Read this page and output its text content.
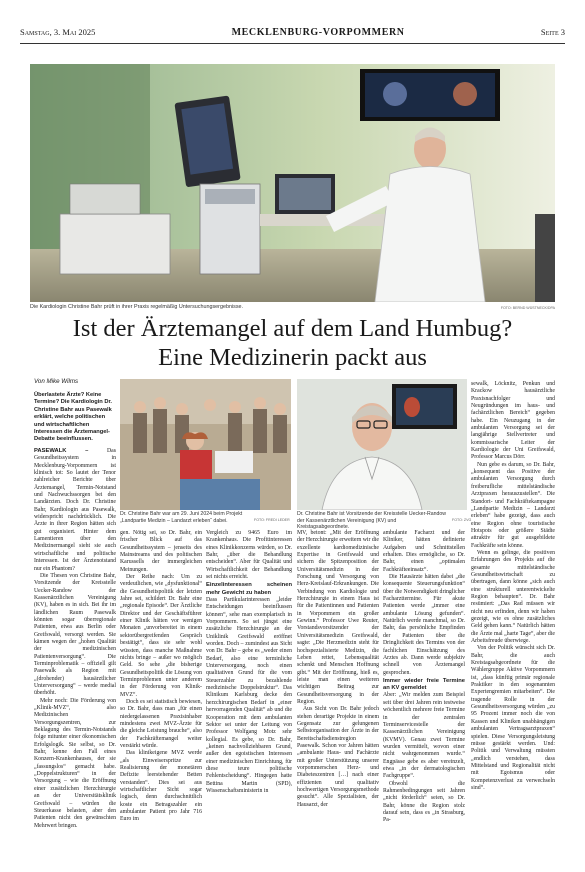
Samstag, 3. Mai 2025	MECKLENBURG-VORPOMMERN	Seite 3
Die Kardiologin Christine Bahr prüft in ihrer Praxis regelmäßig Untersuchungsergebnisse.	FOTO: BERND WÜSTNECK/DPA
Ist der Ärztemangel auf dem Land Humbug?
Eine Medizinerin packt aus
Von Mike Wilms
Überlastete Ärzte? Keine Termine? Die Kardiologin Dr. Christine Bahr aus Pasewalk erklärt, welche politischen und wirtschaftlichen Interessen die Ärztemangel-Debatte beeinflussen.
Dr. Christine Bahr war am 29. Juni 2024 beim Projekt „Landpartie Medizin – Landarzt erleben“ dabei.	FOTO: FREDI LEDER
Dr. Christine Bahr ist Vorsitzende der Kreisstelle Uecker-Randow der Kassenärztlichen Vereinigung (KV) und Kreistagsabgeordnete.
FOTO: ZVG

PASEWALK –	Das Gesundheitssystem in Mecklenburg-Vorpommern ist klinisch tot: So lautet der Tenor zahlreicher Berichte über Ärztemangel, Termin-Notstand und Nachwuchssorgen bei den Landärzten. Doch Dr. Christine Bahr, Kardiologin aus Pasewalk, widerspricht nachdrücklich. Die Ärzte in ihrer Region hätten sich gut organisiert. Hinter dem Lamentieren über den Medizinermangel sieht sie auch wirtschaftliche und politische Interessen. Ist der Ärztenotstand nur ein Phantom?

Die Thesen von Christine Bahr, Vorsitzende der Kreisstelle Uecker-Randow der Kassenärztlichen Vereinigung (KV), haben es in sich. Bei ihr im ländlichen Raum Pasewalk könnten sogar überregionale Patienten, etwa aus Berlin oder Greifswald, versorgt werden. Sie kämen wegen der „hohen Qualität der medizinischen Patientenversorgung“. Die Terminproblematik – offiziell gilt Pasewalk als Region mit „(drohender) hausärztlicher Unterversorgung“ – werde medial überhöht.

Mehr noch: Die Förderung von „Klinik-MVZ“, also Medizinischen Versorgungszentren, zur Beklagung des Termin-Notstands folge mitunter einer ökonomischen Erfolgslogik. Sie selbst, so Dr. Bahr, kenne den Fall eines Konzern-Krankenhauses, der sie „fassungslos“ gemacht habe. „Doppelstrukturen“ in der Versorgung – wie die Eröffnung einer zusätzlichen Herzchirurgie an der Universitätsklinik Greifswald – würden die Steuerkasse belasten, aber den Patienten nicht den gewünschten Mehrwert bringen.

gen. Nötig sei, so Dr. Bahr, ein frischer Blick auf das Gesundheitssystem – jenseits des Mainstreams und des politischen Karussells der immergleichen Meinungen.

Der Reihe nach: Um zu verdeutlichen, wie „dysfunktional“ die Gesundheitspolitik der letzten Jahre sei, schildert Dr. Bahr eine „regionale Episode“. Der Ärztliche Direktor und der Geschäftsführer einer Klinik hätten vor wenigen Monaten „unvorbereitet in einem sektorübergreifenden Gespräch bestätigt“, dass sie sehr wohl wüssten, dass manche Maßnahme nichts bringe – außer wo möglich Geld. So sehe „die bisherige Gesundheitspolitik die Lösung von Terminproblemen unter anderem in der Förderung von Klinik-MVZ“.

Doch es sei statistisch bewiesen, so Dr. Bahr, dass man „für einen niedergelassenen Praxisinhaber mindestens zwei MVZ-Ärzte für die gleiche Leistung brauche“, also der Fachkräftemangel weiter verstärkt würde.

Das klinikeigene MVZ werde „als Einweiserspritze zur Realisierung der monetären Defizite leerstehender Betten verstanden“. Dies sei aus wirtschaftlicher Sicht sogar logisch, denn durchschnittlich koste ein Betragszahler ein ambulanter Patient pro Jahr 716 Euro im

Vergleich zu 9465 Euro im Krankenhaus. Die Profitinteressen eines Klinikkonzerns würden, so Dr. Bahr, „über die Behandlung entscheiden“. Aber für Qualität und Wirtschaftlichkeit der Behandlung sei nichts erreicht.

Einzelinteressen scheinen mehr Gewicht zu haben

Dass Partikularinteressen „leider Entscheidungen beeinflussen können“, sehe man exemplarisch in Vorpommern. So sei jüngst eine zusätzliche Herzchirurgie an der Uniklinik Greifswald eröffnet worden. Doch – zumindest aus Sicht von Dr. Bahr – gebe es „weder einen Bedarf, also eine terminliche Unterversorgung, noch einen qualitativen Grund für die vom Steuerzahler zu bezahlende medizinische Doppelstruktur“. Das Klinikum Karlsburg decke den herzchirurgischen Bedarf in „einer hervorragenden Qualität“ ab und die Kooperation mit dem ambulanten Sektor sei unter der Leitung von Professor Wolfgang Motz sehr kollegial. Es gebe, so Dr. Bahr, „keinen nachvollziehbaren Grund, außer den egoistischen Interessen einer medizinischen Einrichtung, für diese teure politische Fehlentscheidung“. Hingegen hatte Bettina Martin (SPD), Wissenschaftsministerin in

MV, betont: „Mit der Eröffnung der Herzchirurgie erweitern wir die exzellente kardiomedizinische Expertise in Greifswald und sichern die Spitzenposition der Universitätsmedizin in der Forschung und Versorgung von Herz-Kreislauf-Erkrankungen. Die Verbindung von Kardiologie und Herzchirurgie in einem Haus ist für die Patientinnen und Patienten in Vorpommern ein großer Gewinn.“ Professor Uwe Reuter, Vorstandsvorsitzender der Universitätsmedizin Greifswald, sagte: „Die Herzmedizin steht für hochspezialisierte Medizin, die Leben rettet, Lebensqualität schenkt und Menschen Hoffnung gibt.“ Mit der Eröffnung, hieß es, leiste man einen weiteren wichtigen Beitrag zur Gesundheitsversorgung in der Region.

Aus Sicht von Dr. Bahr jedoch stehen derartige Projekte in einem Gegensatz zur gelungenen Selbstorganisation der Ärzte in der Bereitschaftsdienstregion Pasewalk. Schon vor Jahren hätten „ambulante Haus- und Fachärzte mit großer Unterstützung unserer vorpommerschen Herz- und Diabeteszentren […] nach einer effizienten und qualitativ hochwertigen Versorgungsmethode gesucht“. Alle Spezialisten, der Hausarzt, der

ambulante Facharzt und der Kliniker, hätten definierte Aufgaben und Schnittstellen erhalten. Dies ermögliche, so Dr. Bahr, einen „optimalen Fachkräfteeinsatz“.

Die Hausärzte hätten dabei „die konsequente Steuerungsfunktion“ über die Notwendigkeit dringlicher Facharzttermine. Für akute Patienten werde „immer eine ambulante Lösung gefunden“. Natürlich werde manchmal, so Dr. Bahr, das persönliche Empfinden der Patienten über die Dringlichkeit des Termins von der fachlichen Einschätzung des Arztes ab. Dann werde subjektiv schnell von Ärztemangel gesprochen.

Immer wieder freie Termine an KV gemeldet

Aber: „Wir melden zum Beispiel seit über drei Jahren rein testweise wöchentlich mehrere freie Termine in der zentralen Terminservicestelle der Kassenärztlichen Vereinigung (KVMV). Genau zwei Termine wurden vermittelt, wovon einer nicht wahrgenommen wurde.“ Engpässe gebe es aber vereinzelt, etwa „in der dermatologischen Fachgruppe“.

Obwohl die Rahmenbedingungen seit Jahren „nicht förderlich“ seien, so Dr. Bahr, könne die Region stolz darauf sein, dass es „in Strasburg, Pa-

sewalk, Löcknitz, Penkun und Krackow hausärztliche Praxisnachfolger und Neugründungen im haus- und fachärztlichen Bereich“ gegeben habe. Ein Neuzugang in der ambulanten Versorgung sei der langjährige Stellvertreter und kommissarische Leiter der Kardiologie der Uni Greifswald, Professor Marcus Dörr.

Nun gebe es darum, so Dr. Bahr, „konsequent das Positive der ambulanten Versorgung durch freiberufliche mittelständische Arztpraxen herauszustellen“. Die Standort- und Fachkräftekampagne „Landpartie Medizin – Landarzt erleben“ habe gezeigt, dass auch eine Region ohne touristische Hotspots oder größere Städte attraktiv für gut ausgebildete Fachkräfte sein könne.

Wenn es gelinge, die positiven Erfahrungen des Projekts auf die gesamte mittelständische Gesundheitswirtschaft zu übertragen, dann könne „sich auch eine strukturell unterentwickelte Region behaupten“. Dr. Bahr resümiert: „Das Rad müssen wir nicht neu erfinden, denn wir haben gezeigt, wie es ohne zusätzliches Geld gehen kann.“ Natürlich hätten die Ärzte mal „harte Tage“, aber die Arbeitsfreude überwiege.

Von der Politik wünscht sich Dr. Bahr, die auch Kreistagsabgeordnete für die Wählergruppe Aktive Vorpommern ist, „dass künftig primär regionale Praktiker in den sogenannten Expertengremien mitarbeiten“. Die tragende Rolle in der Gesundheitsversorgung würden „zu 95 Prozent immer noch die von Kassen und Kliniken unabhängigen ambulanten Vertragsarztpraxen“ spielen. Diese Versorgungsleistung müsse gestärkt werden. Und: Politik und Verwaltung müssten „endlich verstehen, dass Mittelstand und Regionalität nicht mit Egoismus oder Kompetenzverlust zu verwechseln sind“.
